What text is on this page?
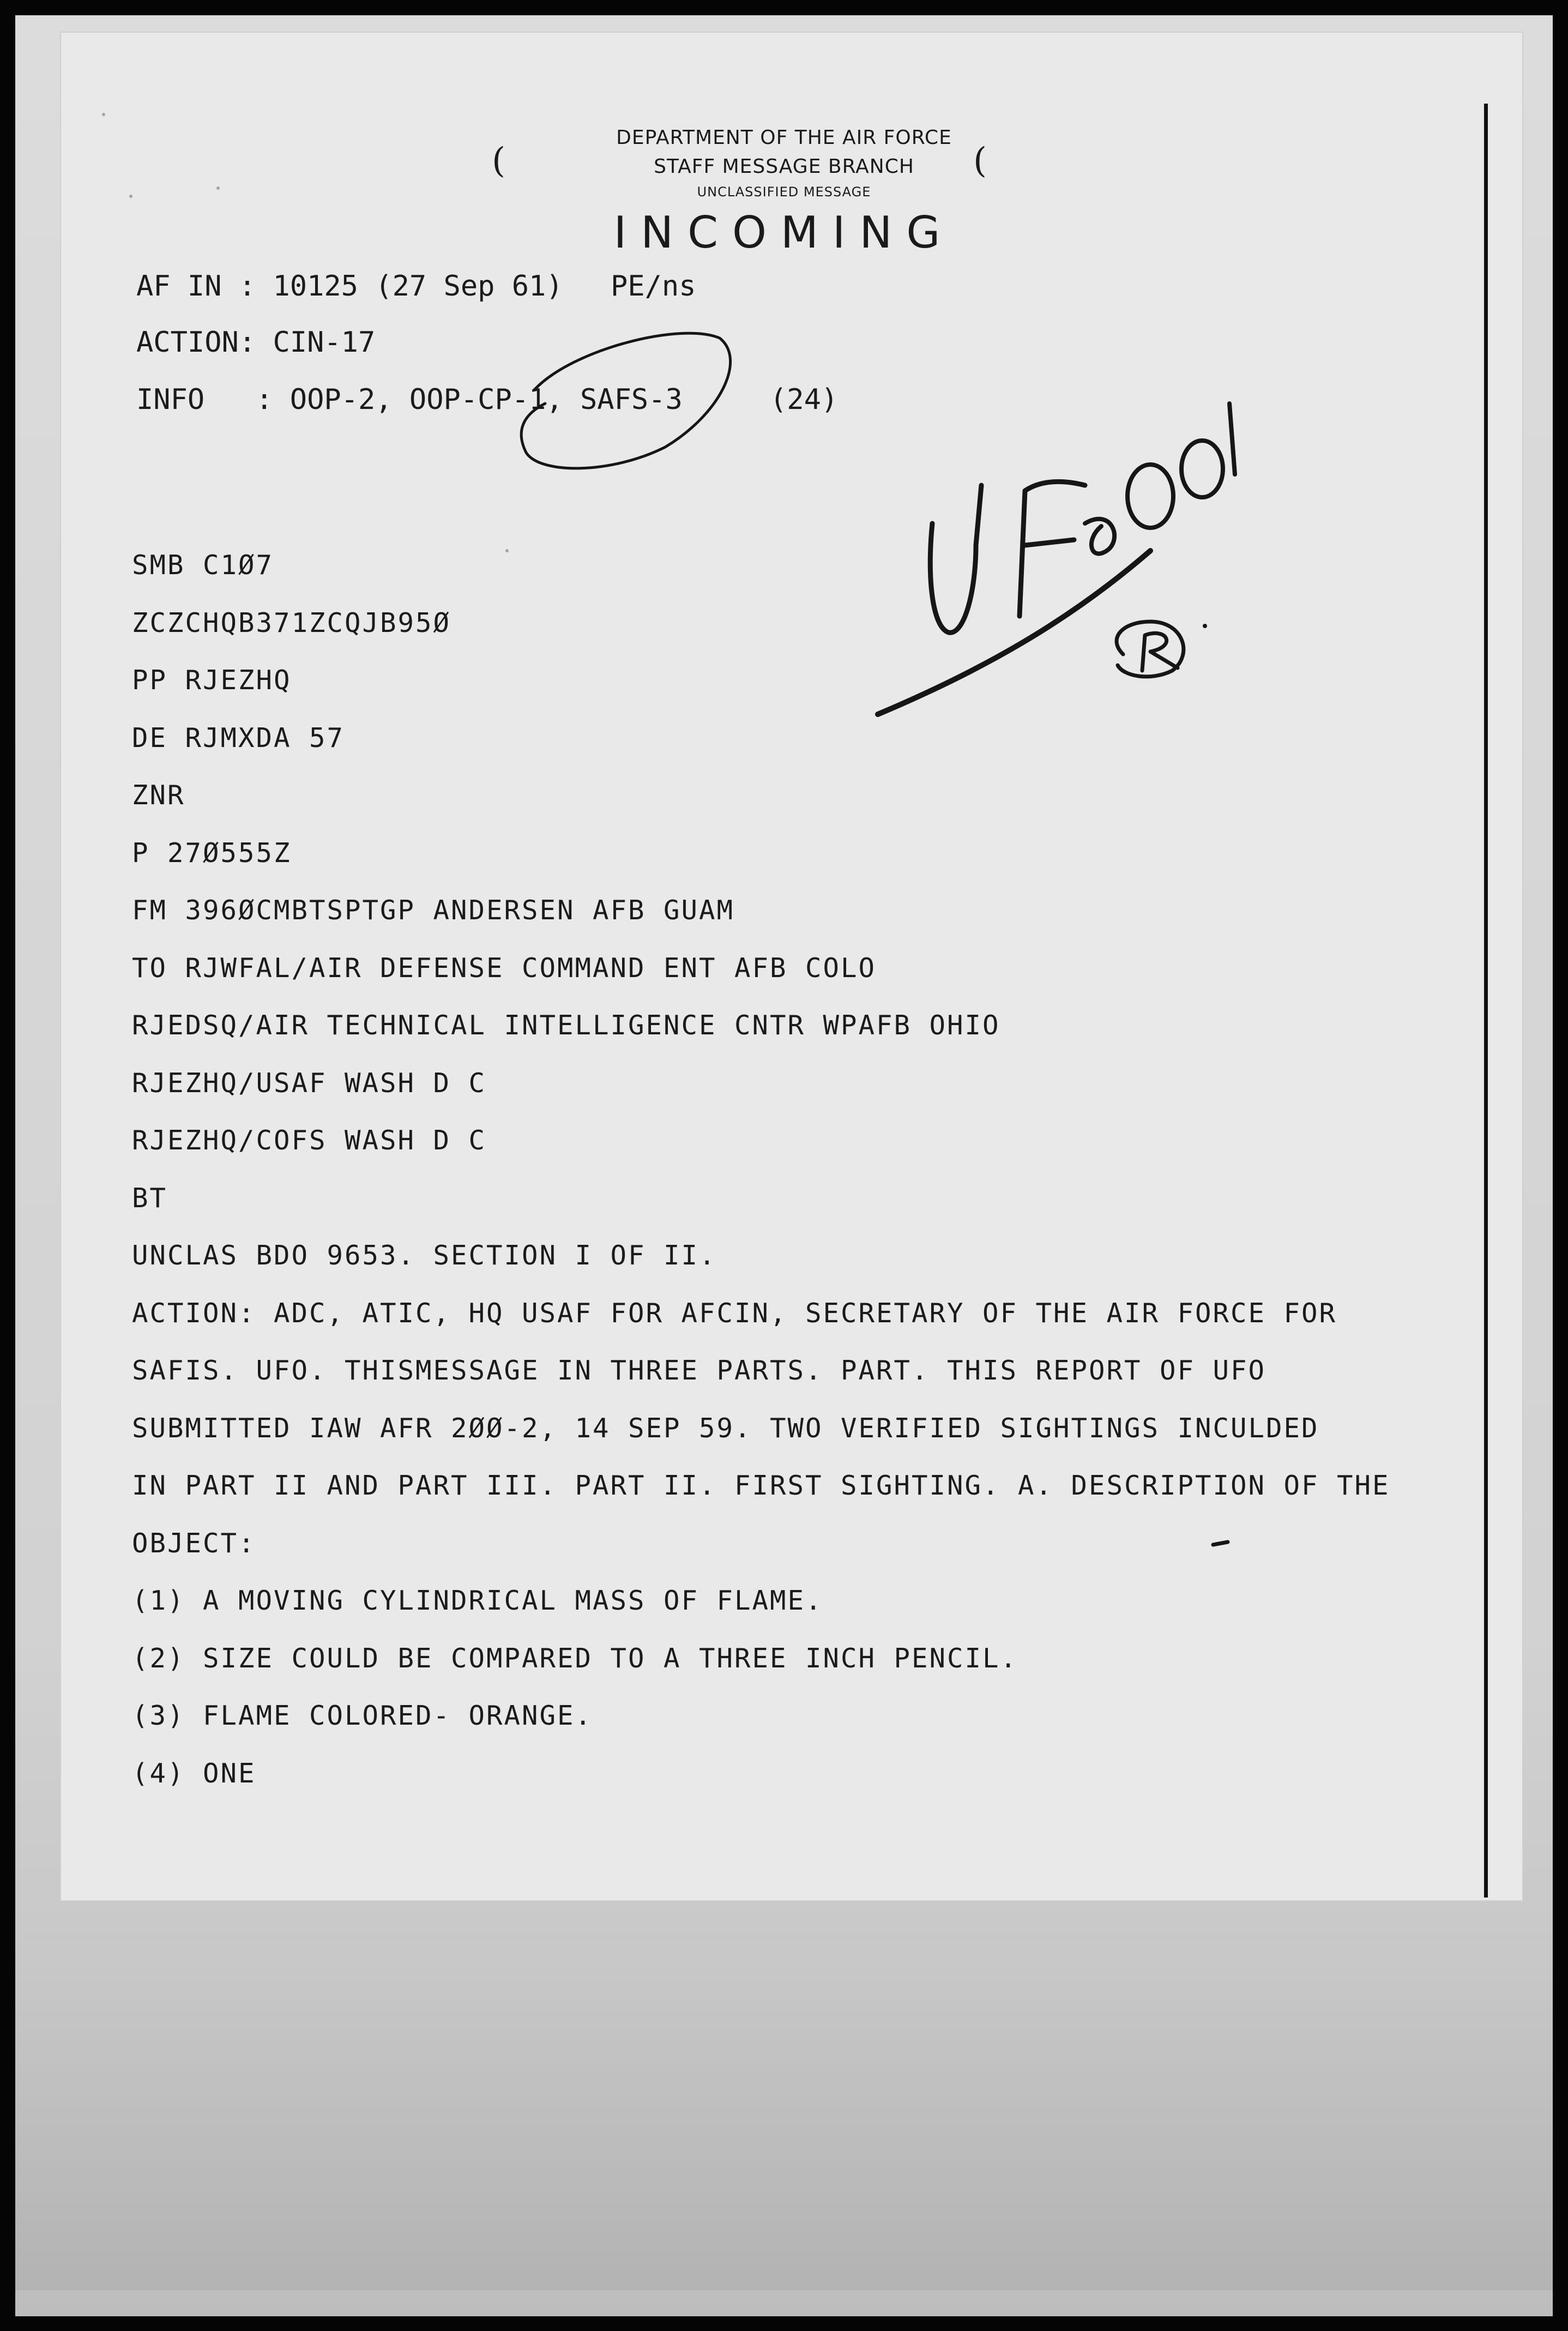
DEPARTMENT OF THE AIR FORCE
STAFF MESSAGE BRANCH
UNCLASSIFIED MESSAGE
INCOMING
(	(
AF IN : 10125 (27 Sep 61) PE/ns
ACTION: CIN-17
INFO   : OOP-2, OOP-CP-1, SAFS-3	(24)
SMB C1Ø7
ZCZCHQB371ZCQJB95Ø
PP RJEZHQ
DE RJMXDA 57
ZNR
P 27Ø555Z
FM 396ØCMBTSPTGP ANDERSEN AFB GUAM
TO RJWFAL/AIR DEFENSE COMMAND ENT AFB COLO
RJEDSQ/AIR TECHNICAL INTELLIGENCE CNTR WPAFB OHIO
RJEZHQ/USAF WASH D C
RJEZHQ/COFS WASH D C
BT
UNCLAS BDO 9653. SECTION I OF II.
ACTION: ADC, ATIC, HQ USAF FOR AFCIN, SECRETARY OF THE AIR FORCE FOR
SAFIS. UFO. THISMESSAGE IN THREE PARTS. PART. THIS REPORT OF UFO
SUBMITTED IAW AFR 2ØØ-2, 14 SEP 59. TWO VERIFIED SIGHTINGS INCULDED
IN PART II AND PART III. PART II. FIRST SIGHTING. A. DESCRIPTION OF THE
OBJECT:
(1) A MOVING CYLINDRICAL MASS OF FLAME.
(2) SIZE COULD BE COMPARED TO A THREE INCH PENCIL.
(3) FLAME COLORED- ORANGE.
(4) ONE
